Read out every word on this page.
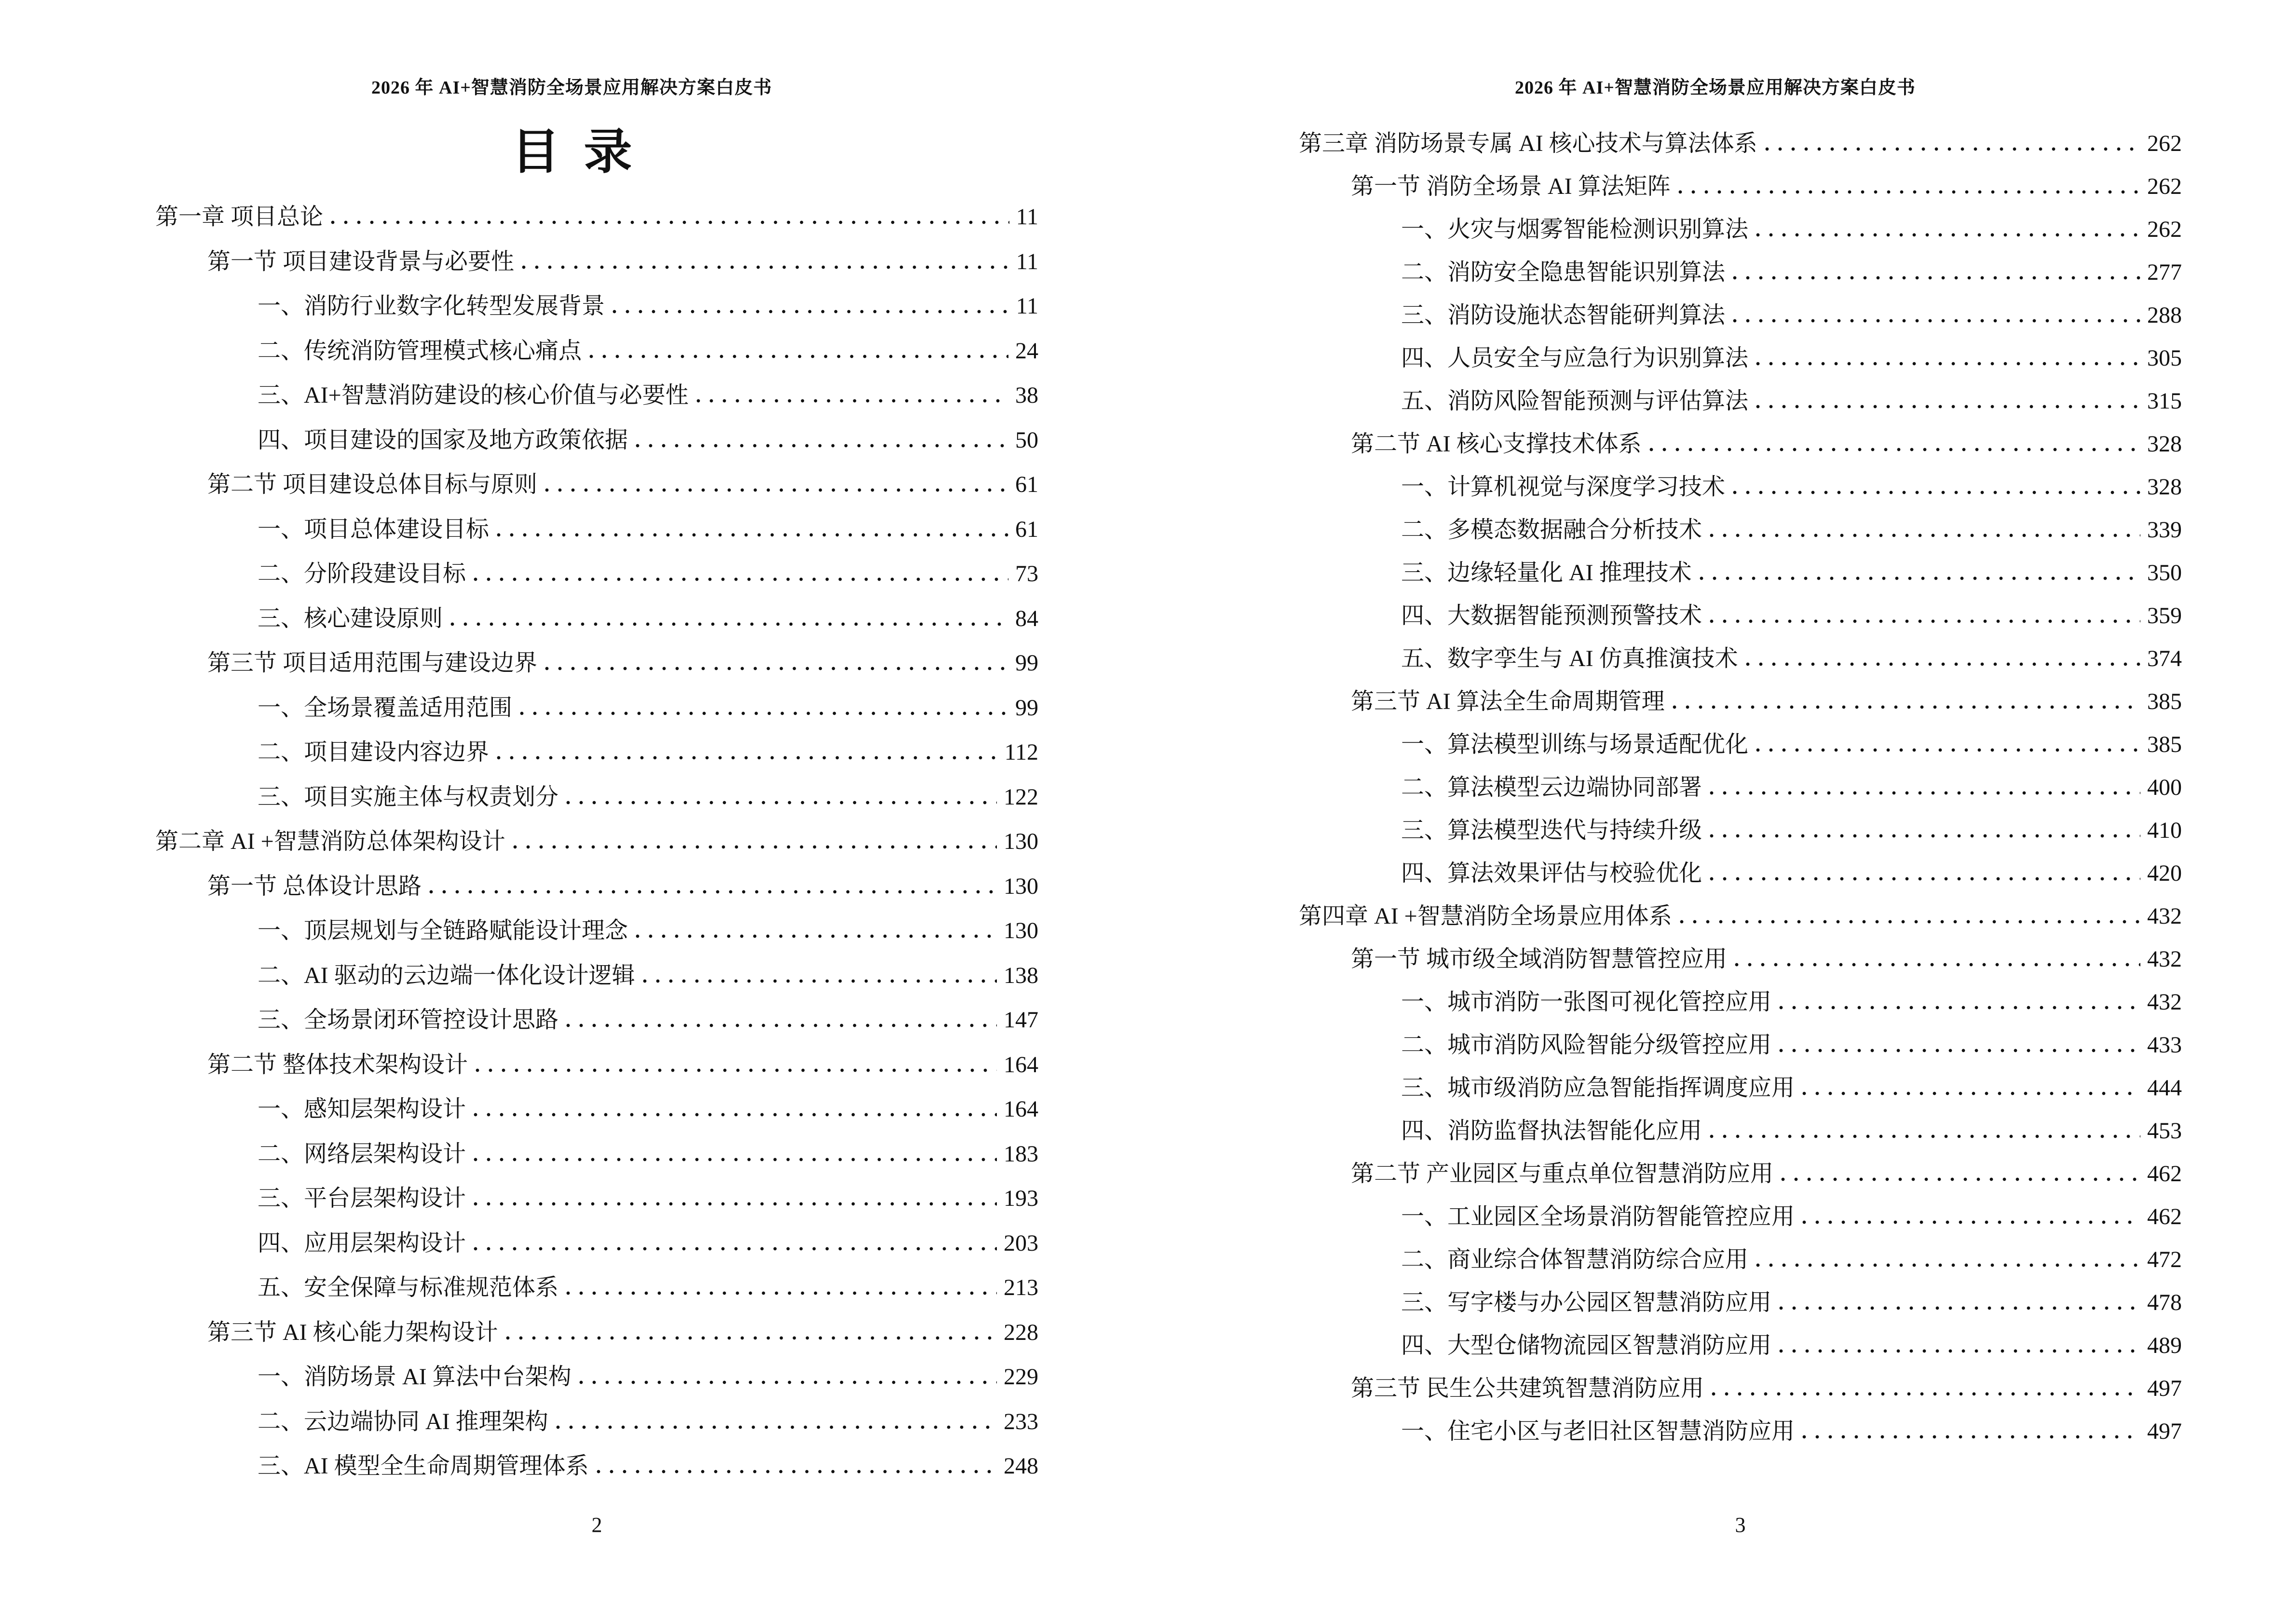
2026 年 AI+智慧消防全场景应用解决方案白皮书
目  录
第一章 项目总论	11
第一节 项目建设背景与必要性	11
一、消防行业数字化转型发展背景	11
二、传统消防管理模式核心痛点	24
三、AI+智慧消防建设的核心价值与必要性	38
四、项目建设的国家及地方政策依据	50
第二节 项目建设总体目标与原则	61
一、项目总体建设目标	61
二、分阶段建设目标	73
三、核心建设原则	84
第三节 项目适用范围与建设边界	99
一、全场景覆盖适用范围	99
二、项目建设内容边界	112
三、项目实施主体与权责划分	122
第二章 AI +智慧消防总体架构设计	130
第一节 总体设计思路	130
一、顶层规划与全链路赋能设计理念	130
二、AI 驱动的云边端一体化设计逻辑	138
三、全场景闭环管控设计思路	147
第二节 整体技术架构设计	164
一、感知层架构设计	164
二、网络层架构设计	183
三、平台层架构设计	193
四、应用层架构设计	203
五、安全保障与标准规范体系	213
第三节 AI 核心能力架构设计	228
一、消防场景 AI 算法中台架构	229
二、云边端协同 AI 推理架构	233
三、AI 模型全生命周期管理体系	248
2
2026 年 AI+智慧消防全场景应用解决方案白皮书
第三章 消防场景专属 AI 核心技术与算法体系	262
第一节 消防全场景 AI 算法矩阵	262
一、火灾与烟雾智能检测识别算法	262
二、消防安全隐患智能识别算法	277
三、消防设施状态智能研判算法	288
四、人员安全与应急行为识别算法	305
五、消防风险智能预测与评估算法	315
第二节 AI 核心支撑技术体系	328
一、计算机视觉与深度学习技术	328
二、多模态数据融合分析技术	339
三、边缘轻量化 AI 推理技术	350
四、大数据智能预测预警技术	359
五、数字孪生与 AI 仿真推演技术	374
第三节 AI 算法全生命周期管理	385
一、算法模型训练与场景适配优化	385
二、算法模型云边端协同部署	400
三、算法模型迭代与持续升级	410
四、算法效果评估与校验优化	420
第四章 AI +智慧消防全场景应用体系	432
第一节 城市级全域消防智慧管控应用	432
一、城市消防一张图可视化管控应用	432
二、城市消防风险智能分级管控应用	433
三、城市级消防应急智能指挥调度应用	444
四、消防监督执法智能化应用	453
第二节 产业园区与重点单位智慧消防应用	462
一、工业园区全场景消防智能管控应用	462
二、商业综合体智慧消防综合应用	472
三、写字楼与办公园区智慧消防应用	478
四、大型仓储物流园区智慧消防应用	489
第三节 民生公共建筑智慧消防应用	497
一、住宅小区与老旧社区智慧消防应用	497
3
